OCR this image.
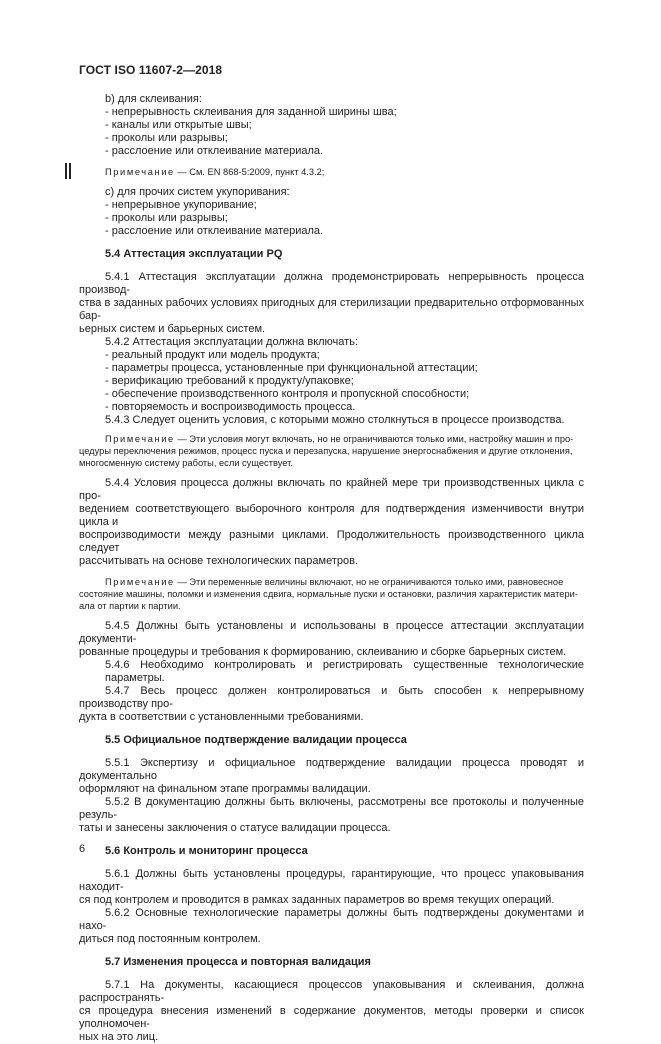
ГОСТ ISO 11607-2—2018

b) для склеивания:

- непрерывность склеивания для заданной ширины шва;
- каналы или открытые швы;
- проколы или разрывы;
- расслоение или отклеивание материала.

Примечание — См. EN 868-5:2009, пункт 4.3.2;

с) для прочих систем укупоривания:

- непрерывное укупоривание;
- проколы или разрывы;
- расслоение или отклеивание материала.

5.4 Аттестация эксплуатации PQ

5.4.1 Аттестация эксплуатации должна продемонстрировать непрерывность процесса производ-
ства в заданных рабочих условиях пригодных для стерилизации предварительно отформованных бар-
ьерных систем и барьерных систем.

5.4.2 Аттестация эксплуатации должна включать:

- реальный продукт или модель продукта;
- параметры процесса, установленные при функциональной аттестации;
- верификацию требований к продукту/упаковке;
- обеспечение производственного контроля и пропускной способности;
- повторяемость и воспроизводимость процесса.

5.4.3 Следует оценить условия, с которыми можно столкнуться в процессе производства.

Примечание — Эти условия могут включать, но не ограничиваются только ими, настройку машин и про-
цедуры переключения режимов, процесс пуска и перезапуска, нарушение энергоснабжения и другие отклонения,
многосменную систему работы, если существует.

5.4.4 Условия процесса должны включать по крайней мере три производственных цикла с про-
ведением соответствующего выборочного контроля для подтверждения изменчивости внутри цикла и
воспроизводимости между разными циклами. Продолжительность производственного цикла следует
рассчитывать на основе технологических параметров.

Примечание — Эти переменные величины включают, но не ограничиваются только ими, равновесное
состояние машины, поломки и изменения сдвига, нормальные пуски и остановки, различия характеристик матери-
ала от партии к партии.

5.4.5 Должны быть установлены и использованы в процессе аттестации эксплуатации документи-
рованные процедуры и требования к формированию, склеиванию и сборке барьерных систем.

5.4.6 Необходимо контролировать и регистрировать существенные технологические параметры.

5.4.7 Весь процесс должен контролироваться и быть способен к непрерывному производству про-
дукта в соответствии с установленными требованиями.

5.5 Официальное подтверждение валидации процесса

5.5.1 Экспертизу и официальное подтверждение валидации процесса проводят и документально
оформляют на финальном этапе программы валидации.

5.5.2 В документацию должны быть включены, рассмотрены все протоколы и полученные резуль-
таты и занесены заключения о статусе валидации процесса.

5.6 Контроль и мониторинг процесса

5.6.1 Должны быть установлены процедуры, гарантирующие, что процесс упаковывания находит-
ся под контролем и проводится в рамках заданных параметров во время текущих операций.

5.6.2 Основные технологические параметры должны быть подтверждены документами и нахо-
диться под постоянным контролем.

5.7 Изменения процесса и повторная валидация

5.7.1 На документы, касающиеся процессов упаковывания и склеивания, должна распространять-
ся процедура внесения изменений в содержание документов, методы проверки и список уполномочен-
ных на это лиц.

6
